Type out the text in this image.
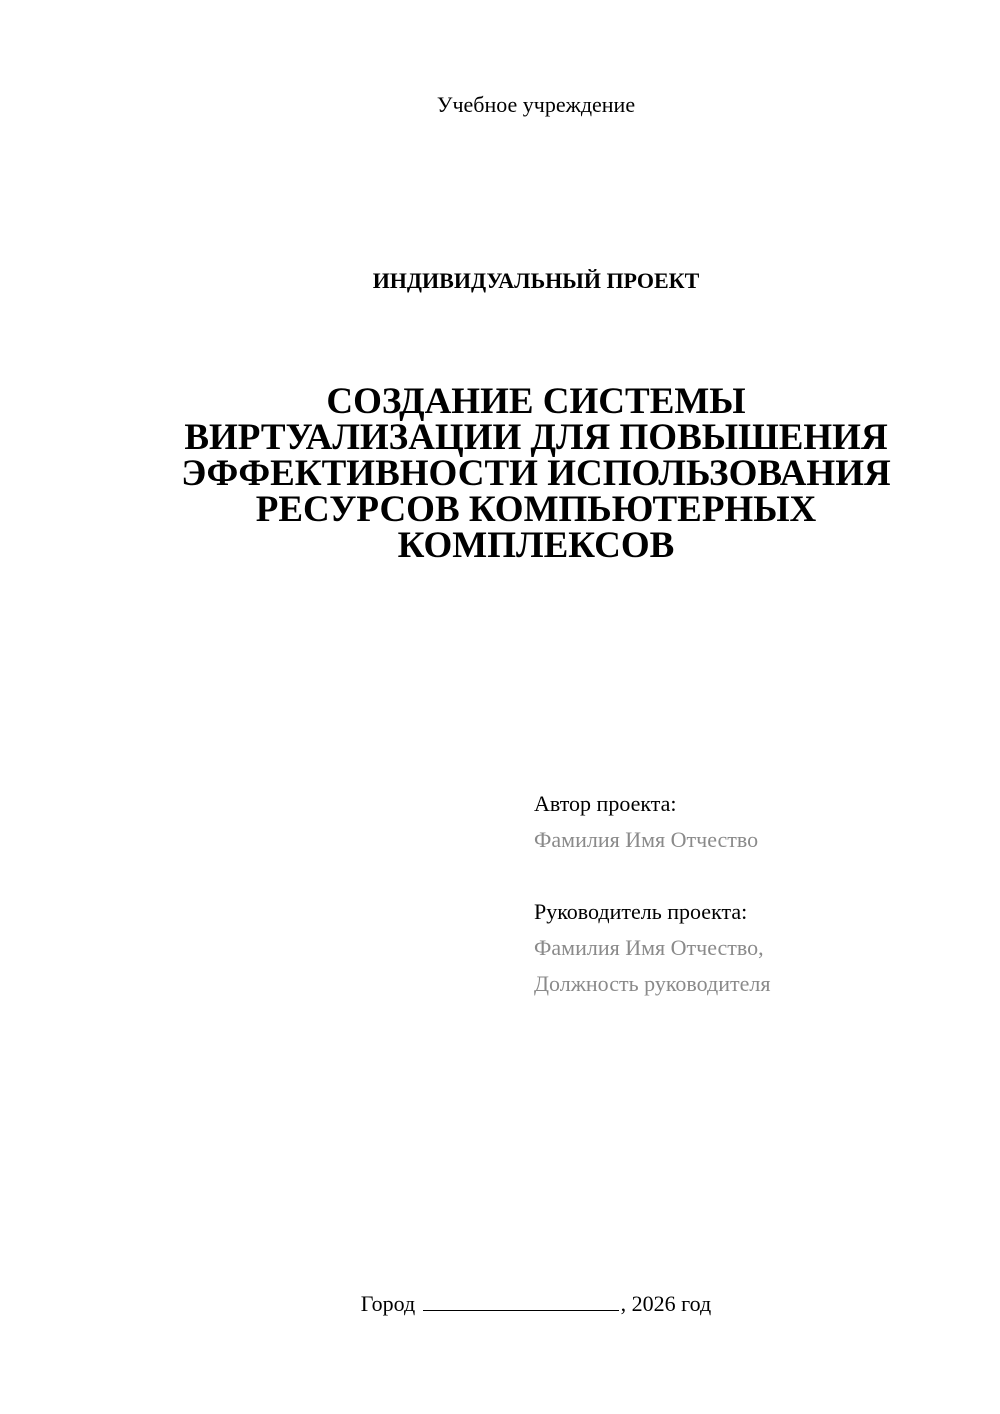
Учебное учреждение
ИНДИВИДУАЛЬНЫЙ ПРОЕКТ
СОЗДАНИЕ СИСТЕМЫ
ВИРТУАЛИЗАЦИИ ДЛЯ ПОВЫШЕНИЯ
ЭФФЕКТИВНОСТИ ИСПОЛЬЗОВАНИЯ
РЕСУРСОВ КОМПЬЮТЕРНЫХ
КОМПЛЕКСОВ
Автор проекта:
Фамилия Имя Отчество
Руководитель проекта:
Фамилия Имя Отчество,
Должность руководителя
Город	, 2026 год
